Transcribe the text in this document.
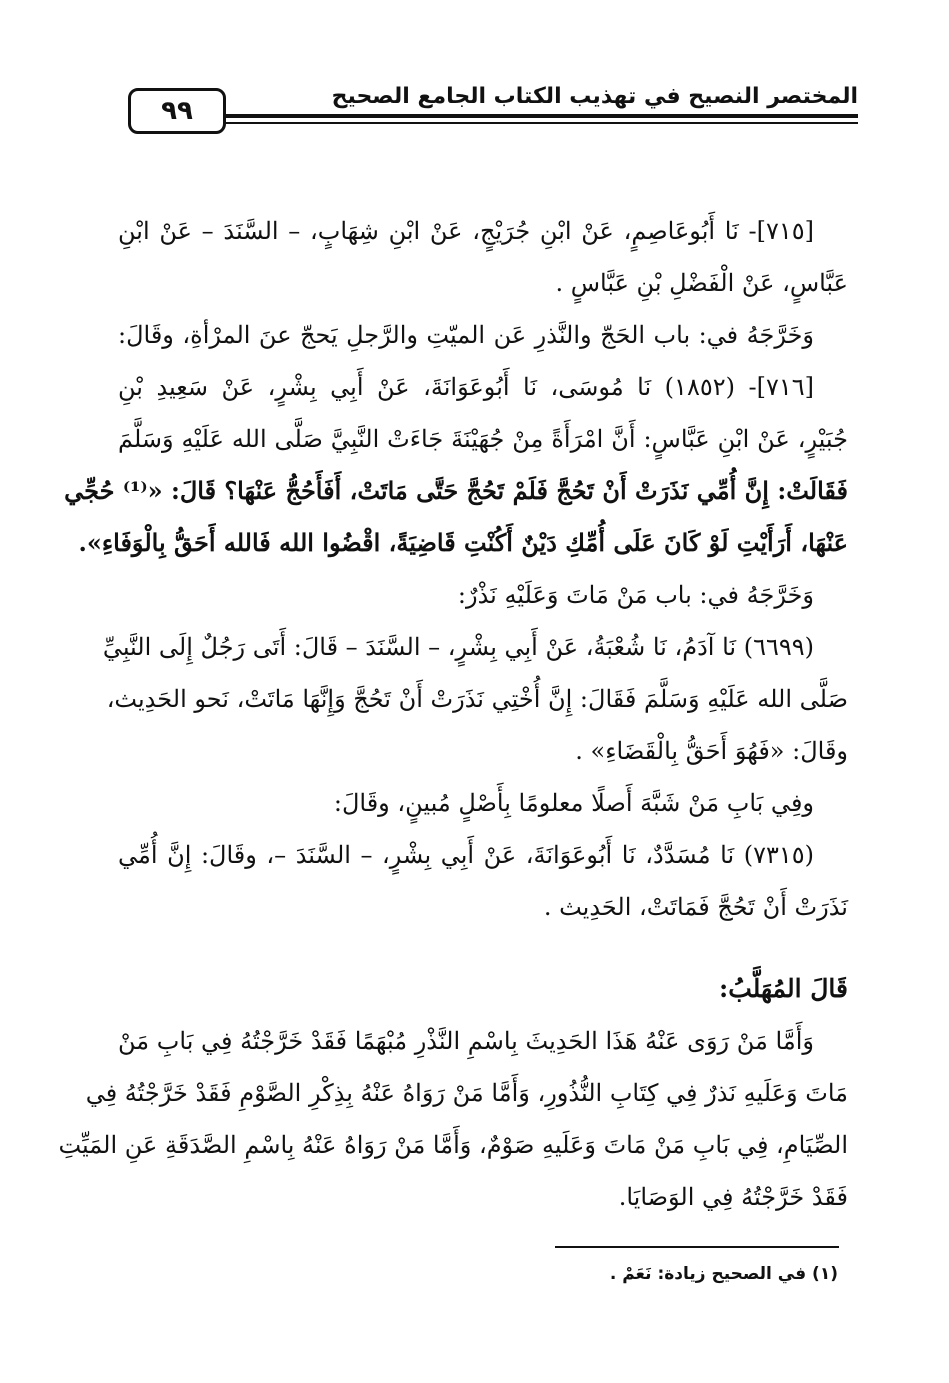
٩٩	المختصر النصيح في تهذيب الكتاب الجامع الصحيح
[٧١٥]- نَا أَبُوعَاصِمٍ، عَنْ ابْنِ جُرَيْجٍ، عَنْ ابْنِ شِهَابٍ، – السَّنَدَ – عَنْ ابْنِ
عَبَّاسٍ، عَنْ الْفَضْلِ بْنِ عَبَّاسٍ .
وَخَرَّجَهُ في: باب الحَجّ والنَّذرِ عَن الميّتِ والرَّجلِ يَحجّ عنَ المرْأةِ، وقَالَ:
[٧١٦]- (١٨٥٢) نَا مُوسَى، نَا أَبُوعَوَانَةَ، عَنْ أَبِي بِشْرٍ، عَنْ سَعِيدِ بْنِ
جُبَيْرٍ، عَنْ ابْنِ عَبَّاسٍ: أَنَّ امْرَأَةً مِنْ جُهَيْنَةَ جَاءَتْ النَّبِيَّ صَلَّى الله عَلَيْهِ وَسَلَّمَ
فَقَالَتْ: إِنَّ أُمِّي نَذَرَتْ أَنْ تَحُجَّ فَلَمْ تَحُجَّ حَتَّى مَاتَتْ، أَفَأَحُجُّ عَنْهَا؟ قَالَ: «⁽¹⁾ حُجِّي
عَنْهَا، أَرَأَيْتِ لَوْ كَانَ عَلَى أُمِّكِ دَيْنٌ أَكُنْتِ قَاضِيَةً، اقْضُوا الله فَالله أَحَقُّ بِالْوَفَاءِ».
وَخَرَّجَهُ في: باب مَنْ مَاتَ وَعَلَيْهِ نَذْرٌ:
(٦٦٩٩) نَا آدَمُ، نَا شُعْبَةُ، عَنْ أَبِي بِشْرٍ، – السَّنَدَ – قَالَ: أَتَى رَجُلٌ إِلَى النَّبِيِّ
صَلَّى الله عَلَيْهِ وَسَلَّمَ فَقَالَ: إِنَّ أُخْتِي نَذَرَتْ أَنْ تَحُجَّ وَإِنَّهَا مَاتَتْ، نَحو الحَدِيث،
وقَالَ: «فَهُوَ أَحَقُّ بِالْقَضَاءِ» .
وفِي بَابِ مَنْ شَبَّهَ أَصلًا معلومًا بِأَصْلٍ مُبينٍ، وقَالَ:
(٧٣١٥) نَا مُسَدَّدٌ، نَا أَبُوعَوَانَةَ، عَنْ أَبِي بِشْرٍ، – السَّنَدَ –، وقَالَ: إِنَّ أُمِّي
نَذَرَتْ أَنْ تَحُجَّ فَمَاتَتْ، الحَدِيث .
قَالَ المُهَلَّبُ:
وَأَمَّا مَنْ رَوَى عَنْهُ هَذَا الحَدِيثَ بِاسْمِ النَّذْرِ مُبْهَمًا فَقَدْ خَرَّجْتُهُ فِي بَابِ مَنْ
مَاتَ وَعَلَيهِ نَذرٌ فِي كِتَابِ النُّذُورِ، وَأَمَّا مَنْ رَوَاهُ عَنْهُ بِذِكْرِ الصَّوْمِ فَقَدْ خَرَّجْتُهُ فِي
الصِّيَامِ، فِي بَابِ مَنْ مَاتَ وَعَلَيهِ صَوْمٌ، وَأَمَّا مَنْ رَوَاهُ عَنْهُ بِاسْمِ الصَّدَقَةِ عَنِ المَيِّتِ
فَقَدْ خَرَّجْتُهُ فِي الوَصَايَا.
(١) في الصحيح زيادة: نَعَمْ .
